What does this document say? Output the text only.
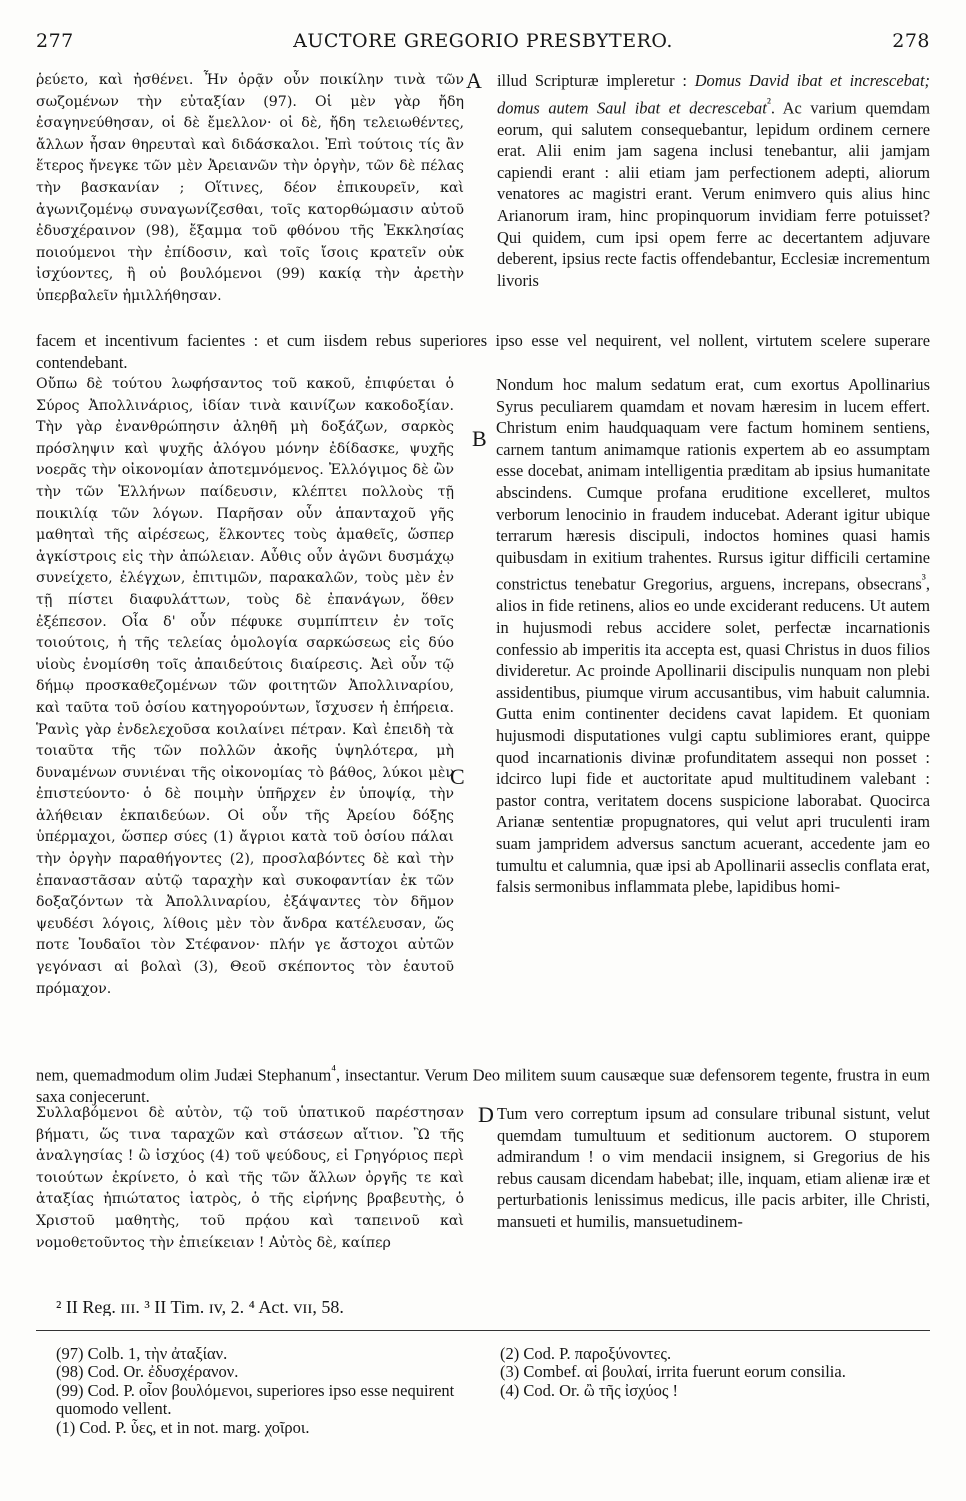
277	AUCTORE GREGORIO PRESBYTERO.	278
ῥεύετο, καὶ ἠσθένει. Ἦν ὁρᾷν οὖν ποικίλην τινὰ τῶν σωζομένων τὴν εὐταξίαν (97). Οἱ μὲν γὰρ ἤδη ἐσαγηνεύθησαν, οἱ δὲ ἔμελλον· οἱ δὲ, ἤδη τελειωθέντες, ἄλλων ἦσαν θηρευταὶ καὶ διδάσκαλοι. Ἐπὶ τούτοις τίς ἂν ἕτερος ἤνεγκε τῶν μὲν Ἀρειανῶν τὴν ὀργὴν, τῶν δὲ πέλας τὴν βασκανίαν ; Οἵτινες, δέον ἐπικουρεῖν, καὶ ἀγωνιζομένῳ συναγωνίζεσθαι, τοῖς κατορθώμασιν αὐτοῦ ἐδυσχέραινον (98), ἔξαμμα τοῦ φθόνου τῆς Ἐκκλησίας ποιούμενοι τὴν ἐπίδοσιν, καὶ τοῖς ἴσοις κρατεῖν οὐκ ἰσχύοντες, ἢ οὐ βουλόμενοι (99) κακίᾳ τὴν ἀρετὴν ὑπερβαλεῖν ἠμιλλήθησαν.
A illud Scripturæ impleretur : Domus David ibat et increscebat; domus autem Saul ibat et decrescebat$^{^2}$. Ac varium quemdam eorum, qui salutem consequebantur, lepidum ordinem cernere erat. Alii enim jam sagena inclusi tenebantur, alii jamjam capiendi erant : alii etiam jam perfectionem adepti, aliorum venatores ac magistri erant. Verum enimvero quis alius hinc Arianorum iram, hinc propinquorum invidiam ferre potuisset? Qui quidem, cum ipsi opem ferre ac decertantem adjuvare deberent, ipsius recte factis offendebantur, Ecclesiæ incrementum livoris
facem et incentivum facientes : et cum iisdem rebus superiores ipso esse vel nequirent, vel nollent, virtutem scelere superare contendebant.
Οὔπω δὲ τούτου λωφήσαντος τοῦ κακοῦ, ἐπιφύεται ὁ Σύρος Ἀπολλινάριος, ἰδίαν τινὰ καινίζων κακοδοξίαν. Τὴν γὰρ ἐνανθρώπησιν ἀληθῆ μὴ δοξάζων, σαρκὸς πρόσληψιν καὶ ψυχῆς ἀλόγου μόνην ἐδίδασκε, ψυχῆς νοερᾶς τὴν οἰκονομίαν ἀποτεμνόμενος. Ἐλλόγιμος δὲ ὢν τὴν τῶν Ἑλλήνων παίδευσιν, κλέπτει πολλοὺς τῇ ποικιλίᾳ τῶν λόγων. Παρῆσαν οὖν ἁπανταχοῦ γῆς μαθηταὶ τῆς αἱρέσεως, ἕλκοντες τοὺς ἀμαθεῖς, ὥσπερ ἀγκίστροις εἰς τὴν ἀπώλειαν. Αὖθις οὖν ἀγῶνι δυσμάχῳ συνείχετο, ἐλέγχων, ἐπιτιμῶν, παρακαλῶν, τοὺς μὲν ἐν τῇ πίστει διαφυλάττων, τοὺς δὲ ἐπανάγων, ὅθεν ἐξέπεσον. Οἷα δ' οὖν πέφυκε συμπίπτειν ἐν τοῖς τοιούτοις, ἡ τῆς τελείας ὁμολογία σαρκώσεως εἰς δύο υἱοὺς ἐνομίσθη τοῖς ἀπαιδεύτοις διαίρεσις. Ἀεὶ οὖν τῷ δήμῳ προσκαθεζομένων τῶν φοιτητῶν Ἀπολλιναρίου, καὶ ταῦτα τοῦ ὁσίου κατηγορούντων, ἴσχυσεν ἡ ἐπήρεια. Ῥανὶς γὰρ ἐνδελεχοῦσα κοιλαίνει πέτραν. Καὶ ἐπειδὴ τὰ τοιαῦτα τῆς τῶν πολλῶν ἀκοῆς ὑψηλότερα, μὴ δυναμένων συνιέναι τῆς οἰκονομίας τὸ βάθος, λύκοι μὲν ἐπιστεύοντο· ὁ δὲ ποιμὴν ὑπῆρχεν ἐν ὑποψίᾳ, τὴν ἀλήθειαν ἐκπαιδεύων. Οἱ οὖν τῆς Ἀρείου δόξης ὑπέρμαχοι, ὥσπερ σύες (1) ἄγριοι κατὰ τοῦ ὁσίου πάλαι τὴν ὀργὴν παραθήγοντες (2), προσλαβόντες δὲ καὶ τὴν ἐπαναστᾶσαν αὐτῷ ταραχὴν καὶ συκοφαντίαν ἐκ τῶν δοξαζόντων τὰ Ἀπολλιναρίου, ἐξάψαντες τὸν δῆμον ψευδέσι λόγοις, λίθοις μὲν τὸν ἄνδρα κατέλευσαν, ὥς ποτε Ἰουδαῖοι τὸν Στέφανον· πλήν γε ἄστοχοι αὐτῶν γεγόνασι αἱ βολαὶ (3), Θεοῦ σκέποντος τὸν ἑαυτοῦ πρόμαχον.
B
C
Nondum hoc malum sedatum erat, cum exortus Apollinarius Syrus peculiarem quamdam et novam hæresim in lucem effert. Christum enim haudquaquam vere factum hominem sentiens, carnem tantum animamque rationis expertem ab eo assumptam esse docebat, animam intelligentia præditam ab ipsius humanitate abscindens. Cumque profana eruditione excelleret, multos verborum lenocinio in fraudem inducebat. Aderant igitur ubique terrarum hæresis discipuli, indoctos homines quasi hamis quibusdam in exitium trahentes. Rursus igitur difficili certamine constrictus tenebatur Gregorius, arguens, increpans, obsecrans$^{^3}$, alios in fide retinens, alios eo unde exciderant reducens. Ut autem in hujusmodi rebus accidere solet, perfectæ incarnationis confessio ab imperitis ita accepta est, quasi Christus in duos filios divideretur. Ac proinde Apollinarii discipulis nunquam non plebi assidentibus, piumque virum accusantibus, vim habuit calumnia. Gutta enim continenter decidens cavat lapidem. Et quoniam hujusmodi disputationes vulgi captu sublimiores erant, quippe quod incarnationis divinæ profunditatem assequi non posset : idcirco lupi fide et auctoritate apud multitudinem valebant : pastor contra, veritatem docens suspicione laborabat. Quocirca Arianæ sententiæ propugnatores, qui velut apri truculenti iram suam jampridem adversus sanctum acuerant, accedente jam eo tumultu et calumnia, quæ ipsi ab Apollinarii asseclis conflata erat, falsis sermonibus inflammata plebe, lapidibus homi-
nem, quemadmodum olim Judæi Stephanum$^{^4}$, insectantur. Verum Deo militem suum causæque suæ defensorem tegente, frustra in eum saxa conjecerunt.
Συλλαβόμενοι δὲ αὐτὸν, τῷ τοῦ ὑπατικοῦ παρέστησαν βήματι, ὥς τινα ταραχῶν καὶ στάσεων αἴτιον. Ὢ τῆς ἀναλγησίας ! ὢ ἰσχύος (4) τοῦ ψεύδους, εἰ Γρηγόριος περὶ τοιούτων ἐκρίνετο, ὁ καὶ τῆς τῶν ἄλλων ὀργῆς τε καὶ ἀταξίας ἠπιώτατος ἰατρὸς, ὁ τῆς εἰρήνης βραβευτὴς, ὁ Χριστοῦ μαθητὴς, τοῦ πρᾴου καὶ ταπεινοῦ καὶ νομοθετοῦντος τὴν ἐπιείκειαν ! Αὐτὸς δὲ, καίπερ
D Tum vero correptum ipsum ad consulare tribunal sistunt, velut quemdam tumultuum et seditionum auctorem. O stuporem admirandum ! o vim mendacii insignem, si Gregorius de his rebus causam dicendam habebat; ille, inquam, etiam alienæ iræ et perturbationis lenissimus medicus, ille pacis arbiter, ille Christi, mansueti et humilis, mansuetudinem-
² II Reg. ɪɪɪ. ³ II Tim. ɪv, 2. ⁴ Act. vɪɪ, 58.
(97) Colb. 1, τὴν ἀταξίαν.
(98) Cod. Or. ἐδυσχέρανον.
(99) Cod. P. οἷον βουλόμενοι, superiores ipso esse nequirent quomodo vellent.
(1) Cod. P. ὗες, et in not. marg. χοῖροι.
(2) Cod. P. παροξύνοντες.
(3) Combef. αἱ βουλαί, irrita fuerunt eorum consilia.
(4) Cod. Or. ὢ τῆς ἰσχύος !
